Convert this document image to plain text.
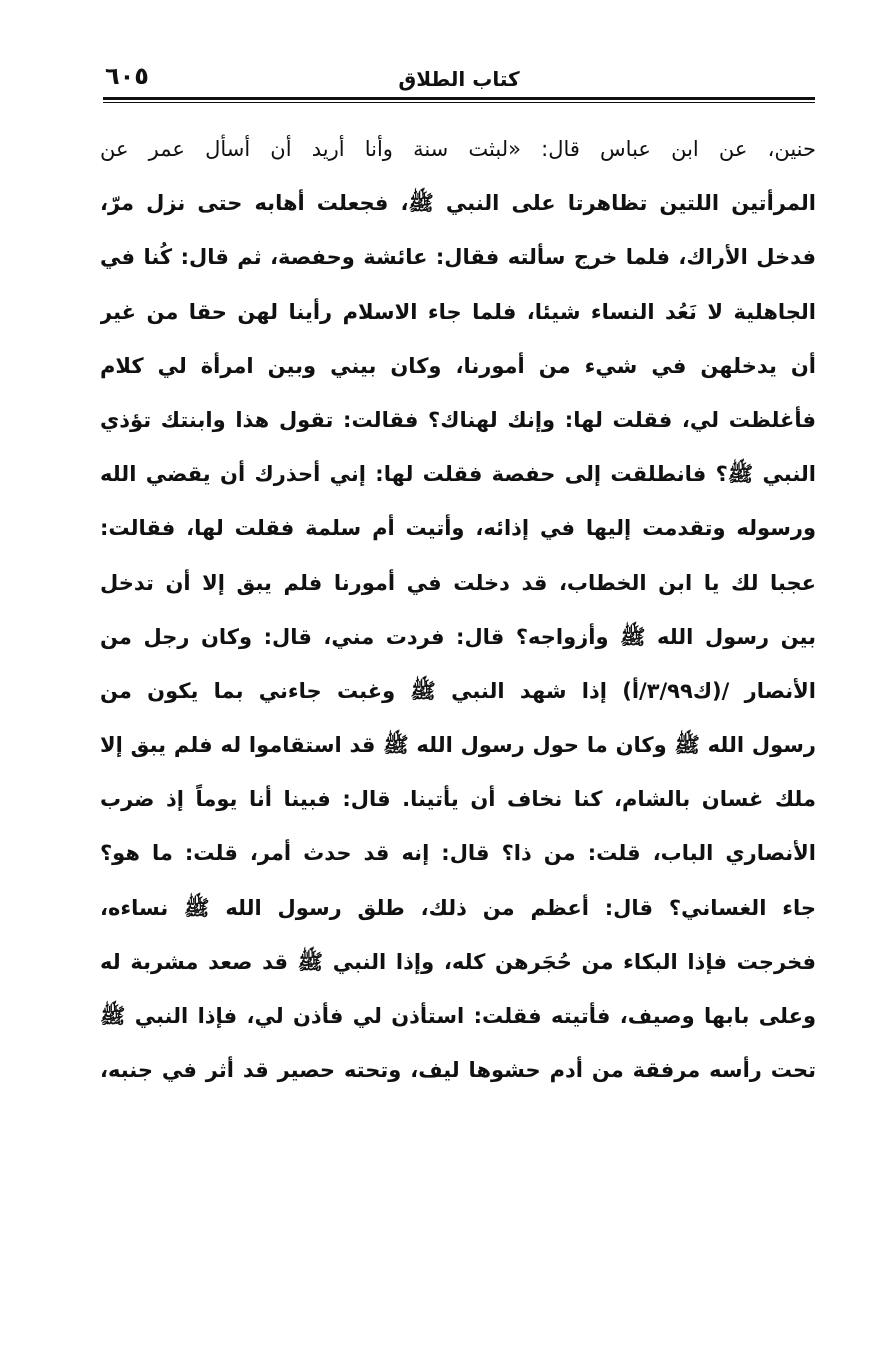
٦٠٥	كتاب الطلاق
حنين، عن ابن عباس قال: «لبثت سنة وأنا أريد أن أسأل عمر عن
المرأتين اللتين تظاهرتا على النبي ﷺ، فجعلت أهابه حتى نزل مرّ،
فدخل الأراك، فلما خرج سألته فقال: عائشة وحفصة، ثم قال: كُنا في
الجاهلية لا نَعُد النساء شيئا، فلما جاء الاسلام رأينا لهن حقا من غير
أن يدخلهن في شيء من أمورنا، وكان بيني وبين امرأة لي كلام
فأغلظت لي، فقلت لها: وإنك لهناك؟ فقالت: تقول هذا وابنتك تؤذي
النبي ﷺ؟ فانطلقت إلى حفصة فقلت لها: إني أحذرك أن يقضي الله
ورسوله وتقدمت إليها في إذائه، وأتيت أم سلمة فقلت لها، فقالت:
عجبا لك يا ابن الخطاب، قد دخلت في أمورنا فلم يبق إلا أن تدخل
بين رسول الله ﷺ وأزواجه؟ قال: فردت مني، قال: وكان رجل من
الأنصار /(ك٣/٩٩/أ) إذا شهد النبي ﷺ وغبت جاءني بما يكون من
رسول الله ﷺ وكان ما حول رسول الله ﷺ قد استقاموا له فلم يبق إلا
ملك غسان بالشام، كنا نخاف أن يأتينا. قال: فبينا أنا يوماً إذ ضرب
الأنصاري الباب، قلت: من ذا؟ قال: إنه قد حدث أمر، قلت: ما هو؟
جاء الغساني؟ قال: أعظم من ذلك، طلق رسول الله ﷺ نساءه،
فخرجت فإذا البكاء من حُجَرهن كله، وإذا النبي ﷺ قد صعد مشربة له
وعلى بابها وصيف، فأتيته فقلت: استأذن لي فأذن لي، فإذا النبي ﷺ
تحت رأسه مرفقة من أدم حشوها ليف، وتحته حصير قد أثر في جنبه،
